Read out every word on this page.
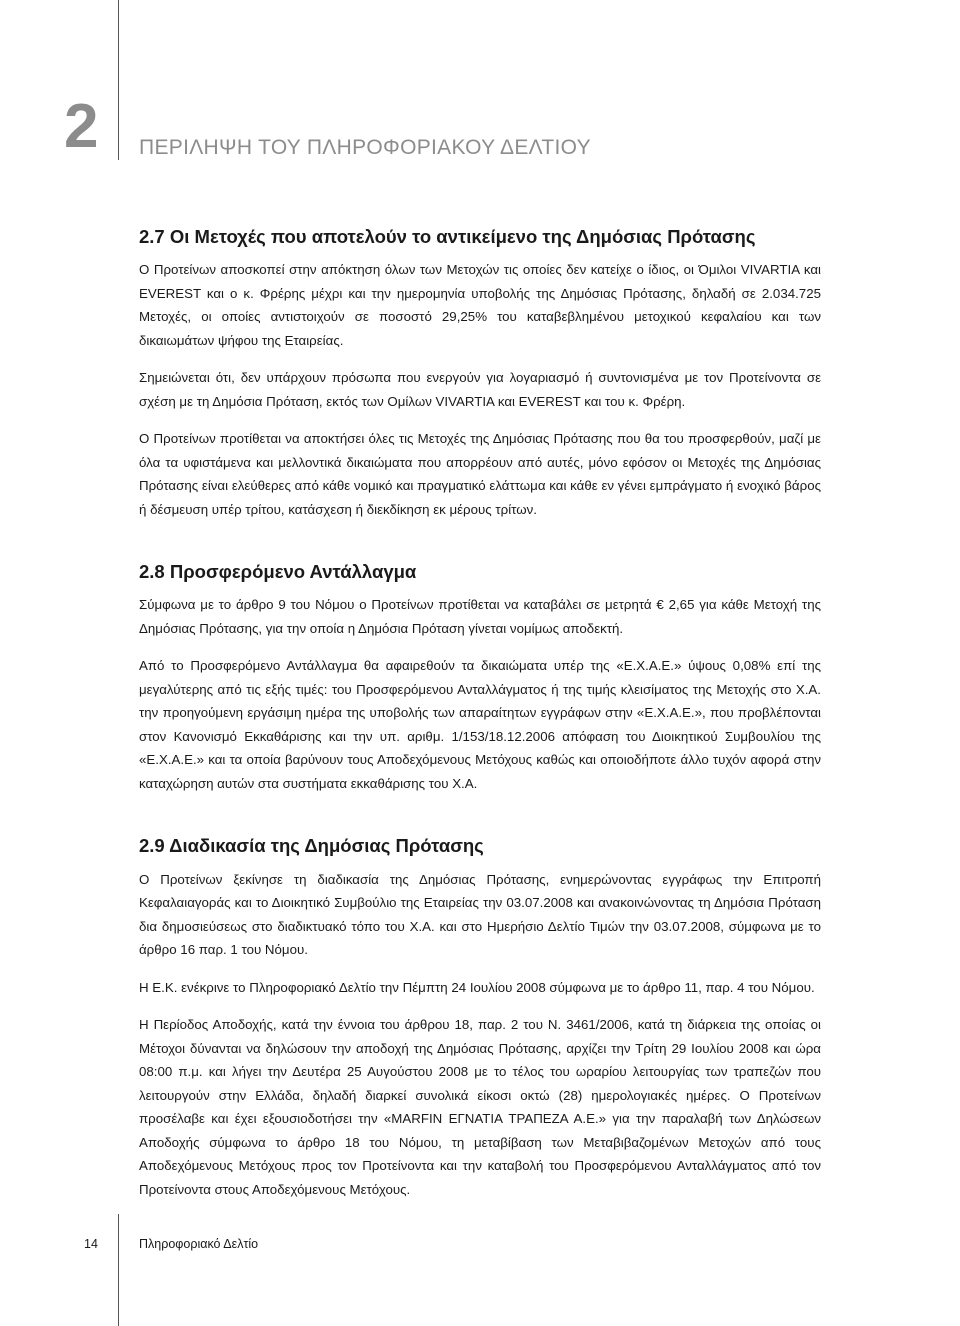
2 ΠΕΡΙΛΗΨΗ ΤΟΥ ΠΛΗΡΟΦΟΡΙΑΚΟΥ ΔΕΛΤΙΟΥ
2.7 Οι Μετοχές που αποτελούν το αντικείμενο της Δημόσιας Πρότασης

Ο Προτείνων αποσκοπεί στην απόκτηση όλων των Μετοχών τις οποίες δεν κατείχε ο ίδιος, οι Όμιλοι VIVARTIA και EVEREST και ο κ. Φρέρης μέχρι και την ημερομηνία υποβολής της Δημόσιας Πρότασης, δηλαδή σε 2.034.725 Μετοχές, οι οποίες αντιστοιχούν σε ποσοστό 29,25% του καταβεβλημένου μετοχικού κεφαλαίου και των δικαιωμάτων ψήφου της Εταιρείας.

Σημειώνεται ότι, δεν υπάρχουν πρόσωπα που ενεργούν για λογαριασμό ή συντονισμένα με τον Προτείνοντα σε σχέση με τη Δημόσια Πρόταση, εκτός των Ομίλων VIVARTIA και EVEREST και του κ. Φρέρη.

Ο Προτείνων προτίθεται να αποκτήσει όλες τις Μετοχές της Δημόσιας Πρότασης που θα του προσφερθούν, μαζί με όλα τα υφιστάμενα και μελλοντικά δικαιώματα που απορρέουν από αυτές, μόνο εφόσον οι Μετοχές της Δημόσιας Πρότασης είναι ελεύθερες από κάθε νομικό και πραγματικό ελάττωμα και κάθε εν γένει εμπράγματο ή ενοχικό βάρος ή δέσμευση υπέρ τρίτου, κατάσχεση ή διεκδίκηση εκ μέρους τρίτων.

2.8 Προσφερόμενο Αντάλλαγμα

Σύμφωνα με το άρθρο 9 του Νόμου ο Προτείνων προτίθεται να καταβάλει σε μετρητά € 2,65 για κάθε Μετοχή της Δημόσιας Πρότασης, για την οποία η Δημόσια Πρόταση γίνεται νομίμως αποδεκτή.

Από το Προσφερόμενο Αντάλλαγμα θα αφαιρεθούν τα δικαιώματα υπέρ της «Ε.Χ.Α.Ε.» ύψους 0,08% επί της μεγαλύτερης από τις εξής τιμές: του Προσφερόμενου Ανταλλάγματος ή της τιμής κλεισίματος της Μετοχής στο Χ.Α. την προηγούμενη εργάσιμη ημέρα της υποβολής των απαραίτητων εγγράφων στην «Ε.Χ.Α.Ε.», που προβλέπονται στον Κανονισμό Εκκαθάρισης και την υπ. αριθμ. 1/153/18.12.2006 απόφαση του Διοικητικού Συμβουλίου της «Ε.Χ.Α.Ε.» και τα οποία βαρύνουν τους Αποδεχόμενους Μετόχους καθώς και οποιοδήποτε άλλο τυχόν αφορά στην καταχώρηση αυτών στα συστήματα εκκαθάρισης του Χ.Α.

2.9 Διαδικασία της Δημόσιας Πρότασης

Ο Προτείνων ξεκίνησε τη διαδικασία της Δημόσιας Πρότασης, ενημερώνοντας εγγράφως την Επιτροπή Κεφαλαιαγοράς και το Διοικητικό Συμβούλιο της Εταιρείας την 03.07.2008 και ανακοινώνοντας τη Δημόσια Πρόταση δια δημοσιεύσεως στο διαδικτυακό τόπο του Χ.Α. και στο Ημερήσιο Δελτίο Τιμών την 03.07.2008, σύμφωνα με το άρθρο 16 παρ. 1 του Νόμου.

Η Ε.Κ. ενέκρινε το Πληροφοριακό Δελτίο την Πέμπτη 24 Ιουλίου 2008 σύμφωνα με το άρθρο 11, παρ. 4 του Νόμου.

Η Περίοδος Αποδοχής, κατά την έννοια του άρθρου 18, παρ. 2 του Ν. 3461/2006, κατά τη διάρκεια της οποίας οι Μέτοχοι δύνανται να δηλώσουν την αποδοχή της Δημόσιας Πρότασης, αρχίζει την Τρίτη 29 Ιουλίου 2008 και ώρα 08:00 π.μ. και λήγει την Δευτέρα 25 Αυγούστου 2008 με το τέλος του ωραρίου λειτουργίας των τραπεζών που λειτουργούν στην Ελλάδα, δηλαδή διαρκεί συνολικά είκοσι οκτώ (28) ημερολογιακές ημέρες. Ο Προτείνων προσέλαβε και έχει εξουσιοδοτήσει την «MARFIN ΕΓΝΑΤΙΑ ΤΡΑΠΕΖΑ Α.Ε.» για την παραλαβή των Δηλώσεων Αποδοχής σύμφωνα το άρθρο 18 του Νόμου, τη μεταβίβαση των Μεταβιβαζομένων Μετοχών από τους Αποδεχόμενους Μετόχους προς τον Προτείνοντα και την καταβολή του Προσφερόμενου Ανταλλάγματος από τον Προτείνοντα στους Αποδεχόμενους Μετόχους.

14	Πληροφοριακό Δελτίο
